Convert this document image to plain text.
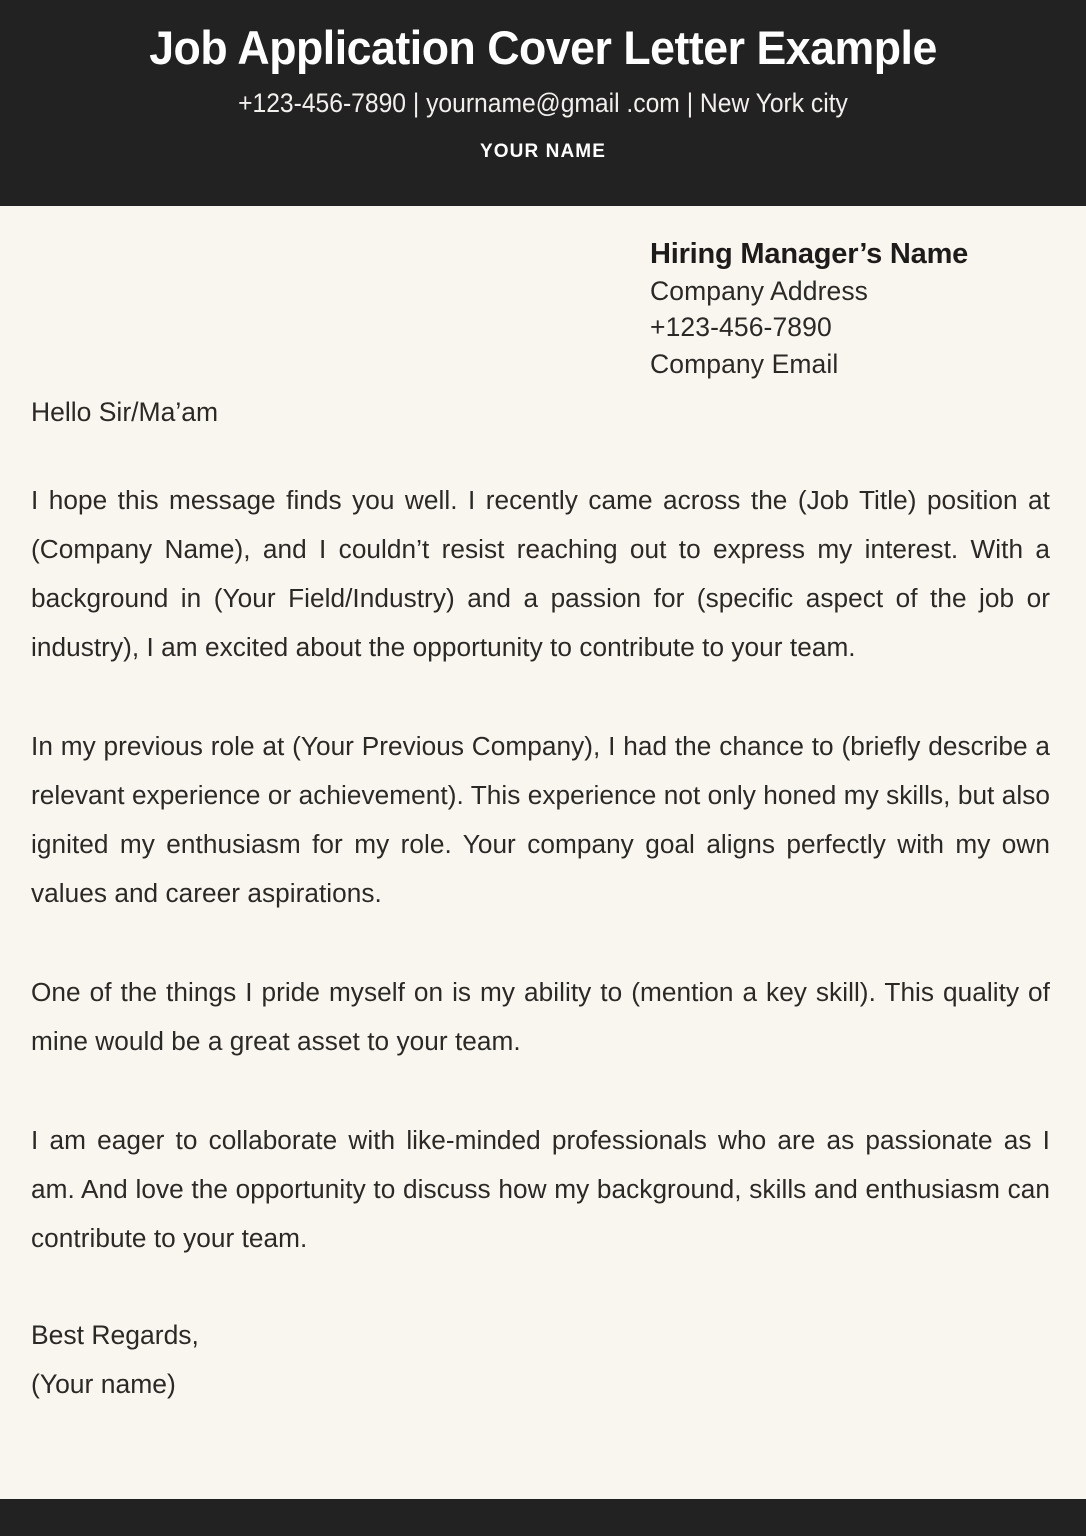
Job Application Cover Letter Example
+123-456-7890 | yourname@gmail .com | New York city
YOUR NAME
Hiring Manager’s Name
Company Address
+123-456-7890
Company Email
Hello Sir/Ma’am

I hope this message finds you well. I recently came across the (Job Title) position at (Company Name), and I couldn’t resist reaching out to express my interest. With a background in (Your Field/Industry) and a passion for (specific aspect of the job or industry), I am excited about the opportunity to contribute to your team.

In my previous role at (Your Previous Company), I had the chance to (briefly describe a relevant experience or achievement). This experience not only honed my skills, but also ignited my enthusiasm for my role. Your company goal aligns perfectly with my own values and career aspirations.

One of the things I pride myself on is my ability to (mention a key skill). This quality of mine would be a great asset to your team.

I am eager to collaborate with like-minded professionals who are as passionate as I am. And love the opportunity to discuss how my background, skills and enthusiasm can contribute to your team.

Best Regards,
(Your name)
